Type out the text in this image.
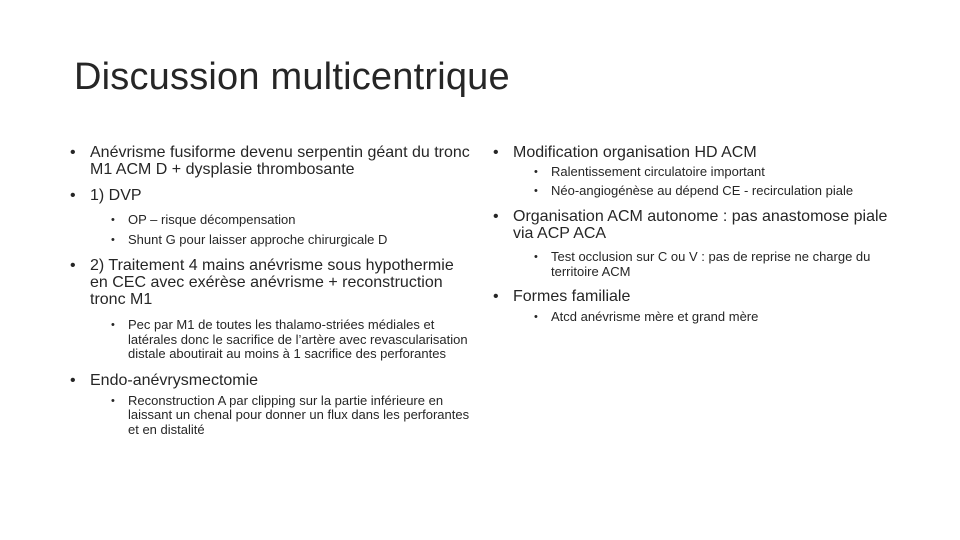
Discussion multicentrique
• Anévrisme fusiforme devenu serpentin géant du tronc M1 ACM D + dysplasie thrombosante
• 1) DVP
• OP – risque décompensation
• Shunt G pour laisser approche chirurgicale D
• 2) Traitement 4 mains anévrisme sous hypothermie en CEC avec exérèse anévrisme + reconstruction tronc M1
• Pec par M1 de toutes les thalamo-striées médiales et latérales donc le sacrifice de l’artère avec revascularisation distale aboutirait au moins à 1 sacrifice des perforantes
• Endo-anévrysmectomie
• Reconstruction A par clipping sur la partie inférieure en laissant un chenal pour donner un flux dans les perforantes et en distalité
• Modification organisation HD ACM
• Ralentissement circulatoire important
• Néo-angiogénèse au dépend CE - recirculation piale
• Organisation ACM autonome : pas anastomose piale via ACP ACA
• Test occlusion sur C ou V : pas de reprise ne charge du territoire ACM
• Formes familiale
• Atcd anévrisme mère et grand mère
